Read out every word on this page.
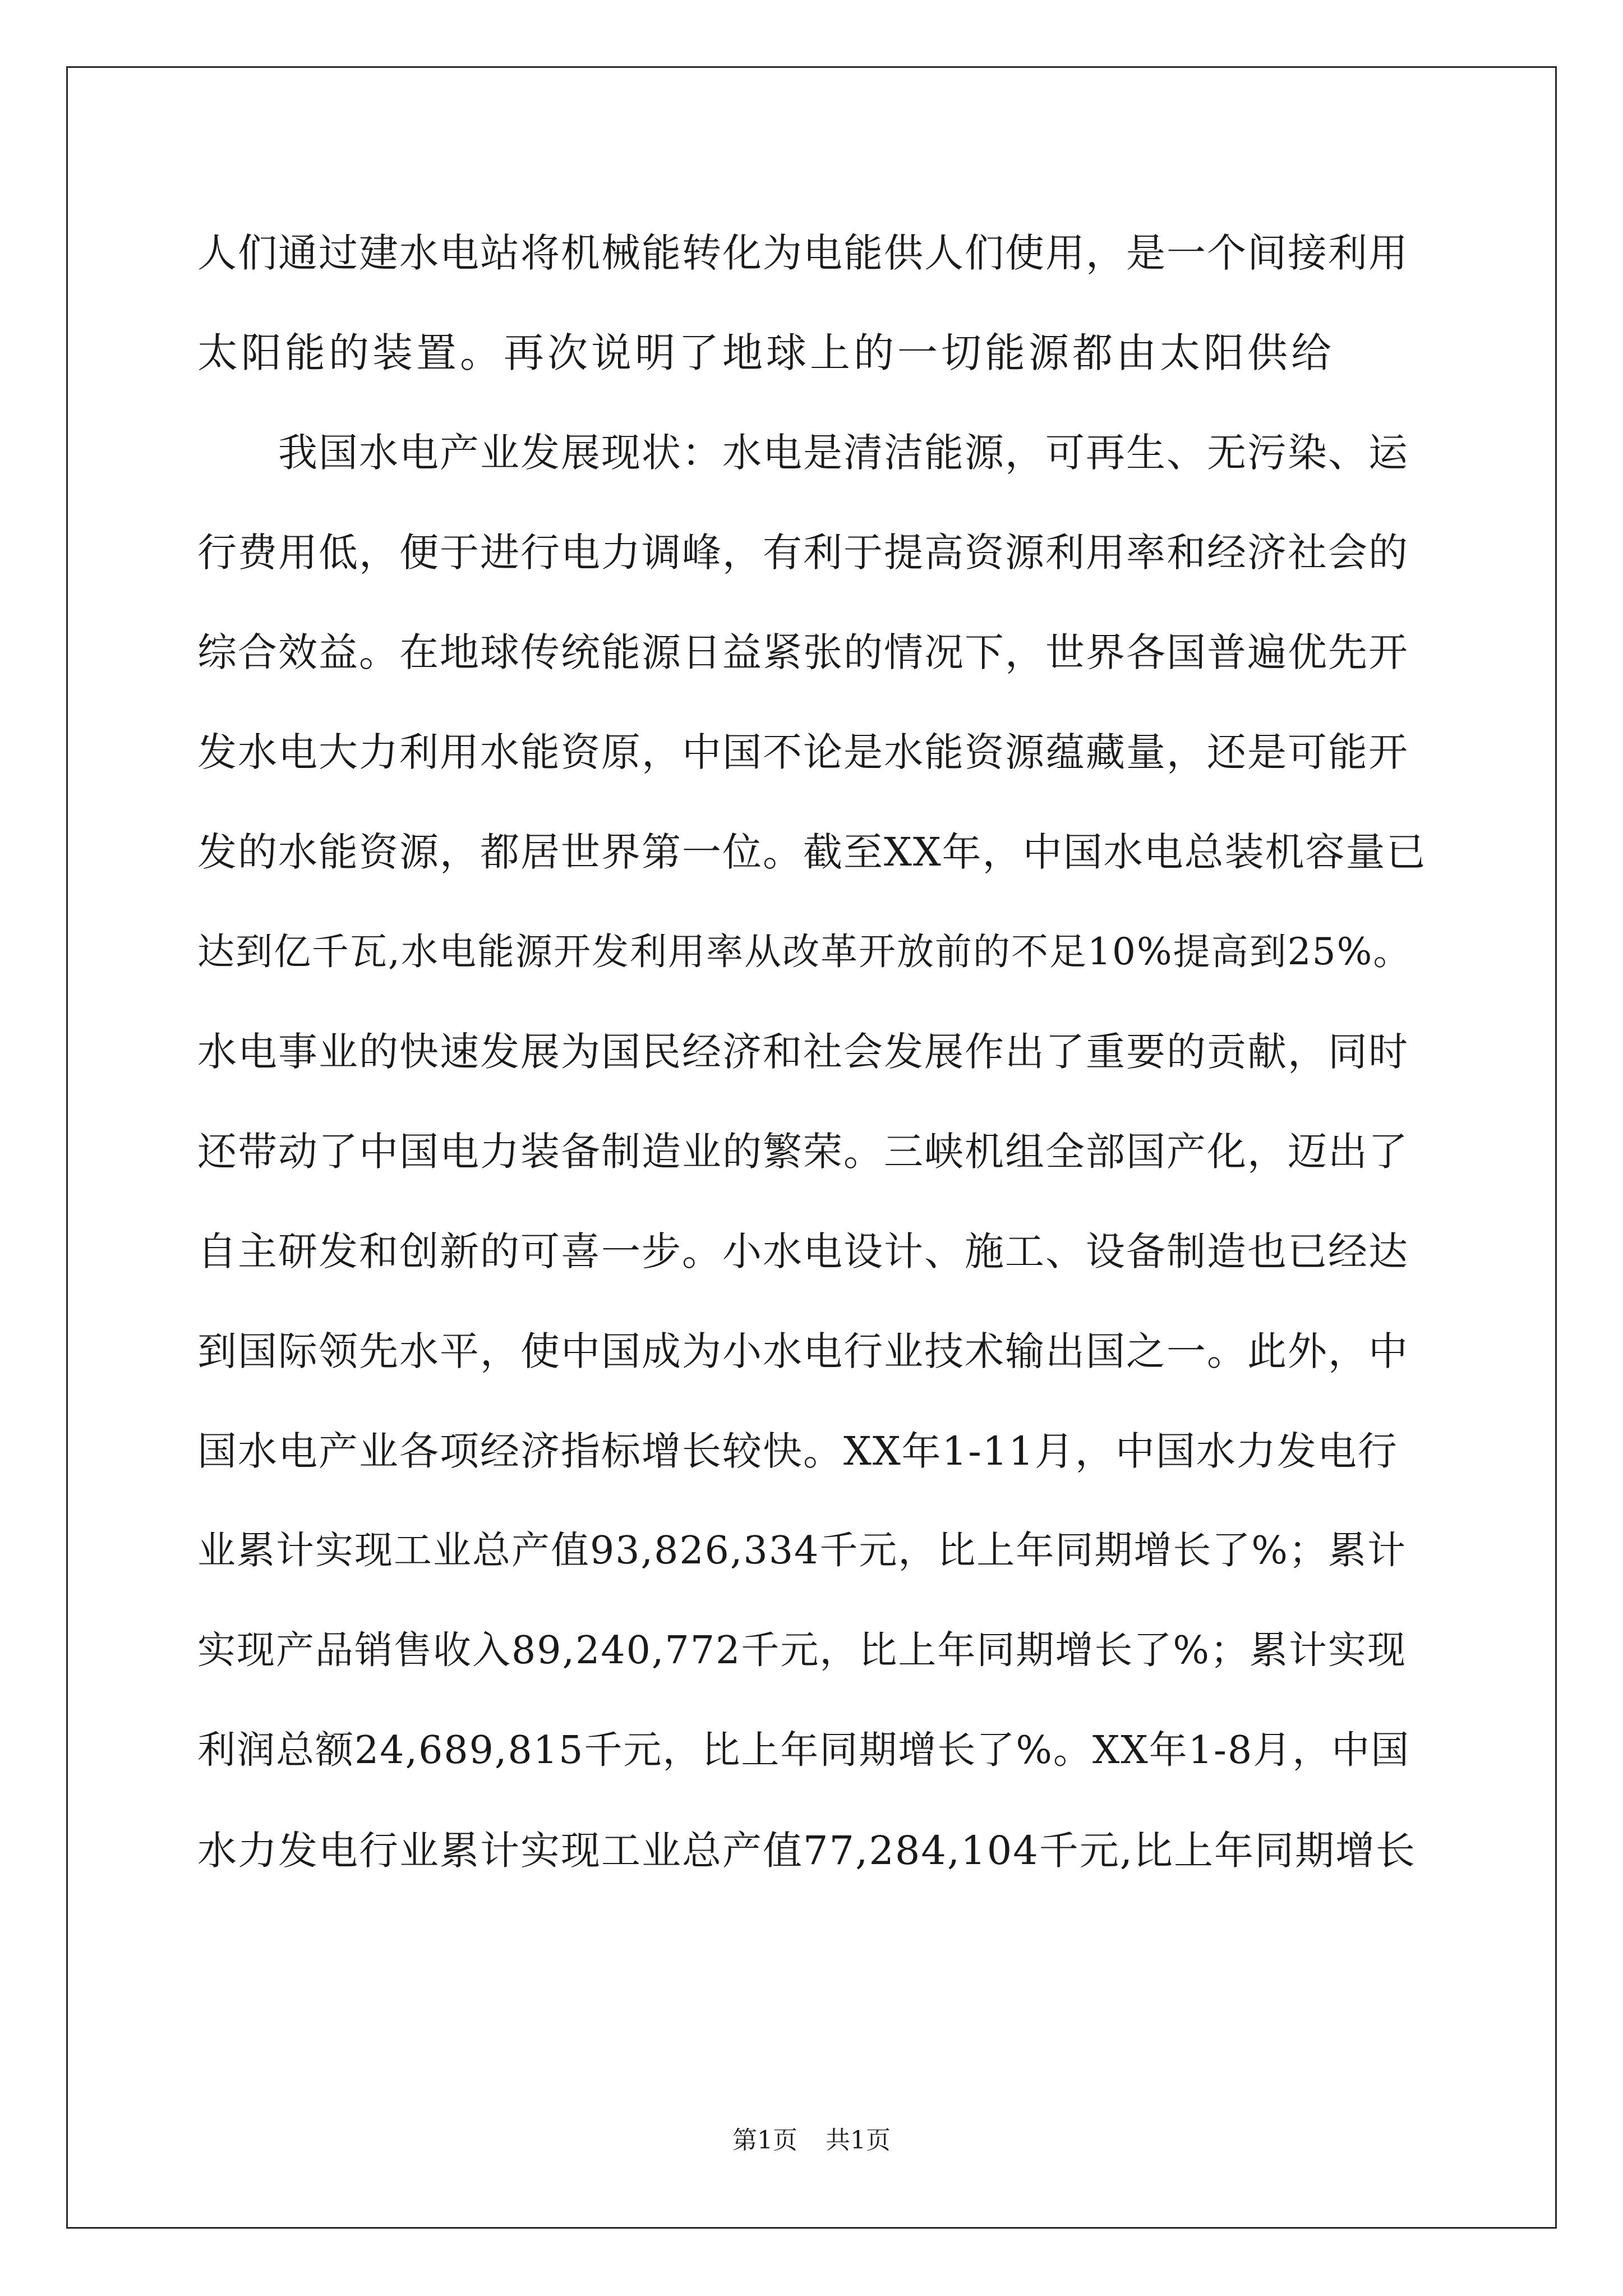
人们通过建水电站将机械能转化为电能供人们使用，是一个间接利用
太阳能的装置。再次说明了地球上的一切能源都由太阳供给
我国水电产业发展现状：水电是清洁能源，可再生、无污染、运
行费用低，便于进行电力调峰，有利于提高资源利用率和经济社会的
综合效益。在地球传统能源日益紧张的情况下，世界各国普遍优先开
发水电大力利用水能资原，中国不论是水能资源蕴藏量，还是可能开
发的水能资源，都居世界第一位。截至XX年，中国水电总装机容量已
达到亿千瓦,水电能源开发利用率从改革开放前的不足10%提高到25%。
水电事业的快速发展为国民经济和社会发展作出了重要的贡献，同时
还带动了中国电力装备制造业的繁荣。三峡机组全部国产化，迈出了
自主研发和创新的可喜一步。小水电设计、施工、设备制造也已经达
到国际领先水平，使中国成为小水电行业技术输出国之一。此外，中
国水电产业各项经济指标增长较快。XX年1-11月，中国水力发电行
业累计实现工业总产值93,826,334千元，比上年同期增长了%；累计
实现产品销售收入89,240,772千元，比上年同期增长了%；累计实现
利润总额24,689,815千元，比上年同期增长了%。XX年1-8月，中国
水力发电行业累计实现工业总产值77,284,104千元,比上年同期增长
第1页 共1页
